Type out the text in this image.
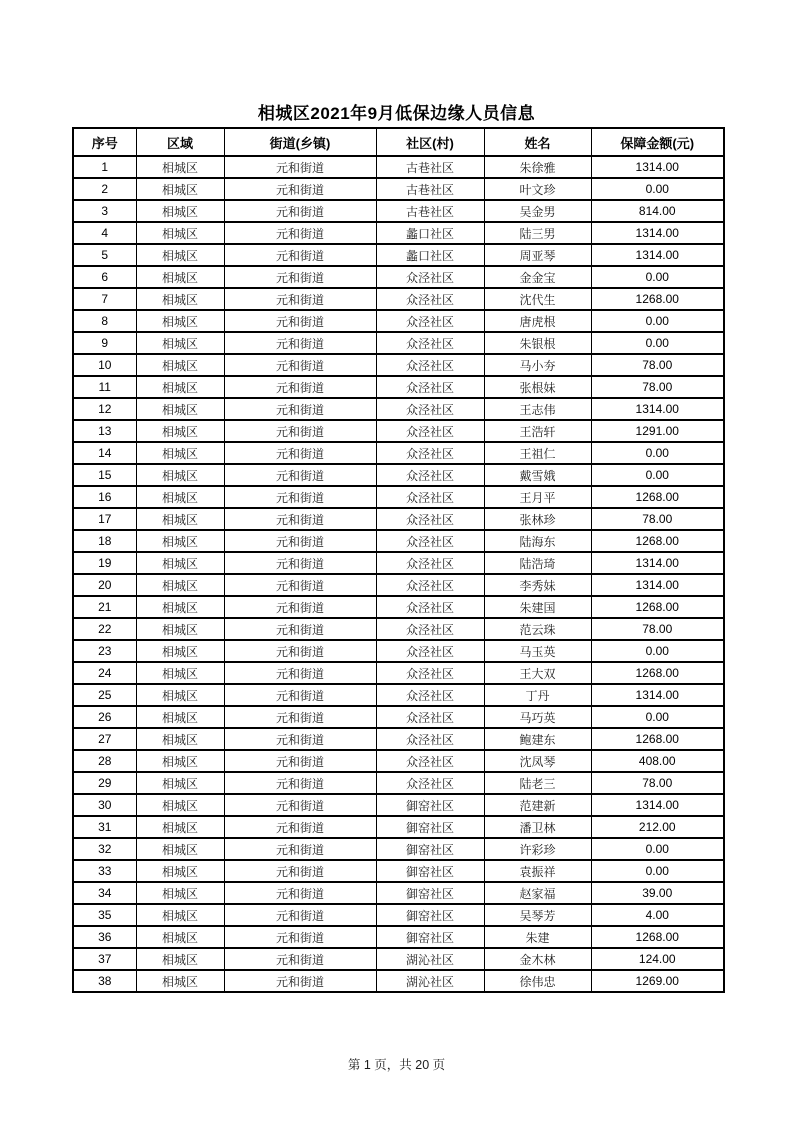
相城区2021年9月低保边缘人员信息
序号	区域	街道(乡镇)	社区(村)	姓名	保障金额(元)
1	相城区	元和街道	古巷社区	朱徐雅	1314.00
2	相城区	元和街道	古巷社区	叶文珍	0.00
3	相城区	元和街道	古巷社区	吴金男	814.00
4	相城区	元和街道	蠡口社区	陆三男	1314.00
5	相城区	元和街道	蠡口社区	周亚琴	1314.00
6	相城区	元和街道	众泾社区	金金宝	0.00
7	相城区	元和街道	众泾社区	沈代生	1268.00
8	相城区	元和街道	众泾社区	唐虎根	0.00
9	相城区	元和街道	众泾社区	朱银根	0.00
10	相城区	元和街道	众泾社区	马小夯	78.00
11	相城区	元和街道	众泾社区	张根妹	78.00
12	相城区	元和街道	众泾社区	王志伟	1314.00
13	相城区	元和街道	众泾社区	王浩轩	1291.00
14	相城区	元和街道	众泾社区	王祖仁	0.00
15	相城区	元和街道	众泾社区	戴雪娥	0.00
16	相城区	元和街道	众泾社区	王月平	1268.00
17	相城区	元和街道	众泾社区	张林珍	78.00
18	相城区	元和街道	众泾社区	陆海东	1268.00
19	相城区	元和街道	众泾社区	陆浩琦	1314.00
20	相城区	元和街道	众泾社区	李秀妹	1314.00
21	相城区	元和街道	众泾社区	朱建国	1268.00
22	相城区	元和街道	众泾社区	范云珠	78.00
23	相城区	元和街道	众泾社区	马玉英	0.00
24	相城区	元和街道	众泾社区	王大双	1268.00
25	相城区	元和街道	众泾社区	丁丹	1314.00
26	相城区	元和街道	众泾社区	马巧英	0.00
27	相城区	元和街道	众泾社区	鲍建东	1268.00
28	相城区	元和街道	众泾社区	沈凤琴	408.00
29	相城区	元和街道	众泾社区	陆老三	78.00
30	相城区	元和街道	御窑社区	范建新	1314.00
31	相城区	元和街道	御窑社区	潘卫林	212.00
32	相城区	元和街道	御窑社区	许彩珍	0.00
33	相城区	元和街道	御窑社区	袁振祥	0.00
34	相城区	元和街道	御窑社区	赵家福	39.00
35	相城区	元和街道	御窑社区	吴琴芳	4.00
36	相城区	元和街道	御窑社区	朱建	1268.00
37	相城区	元和街道	湖沁社区	金木林	124.00
38	相城区	元和街道	湖沁社区	徐伟忠	1269.00
第 1 页，共 20 页
